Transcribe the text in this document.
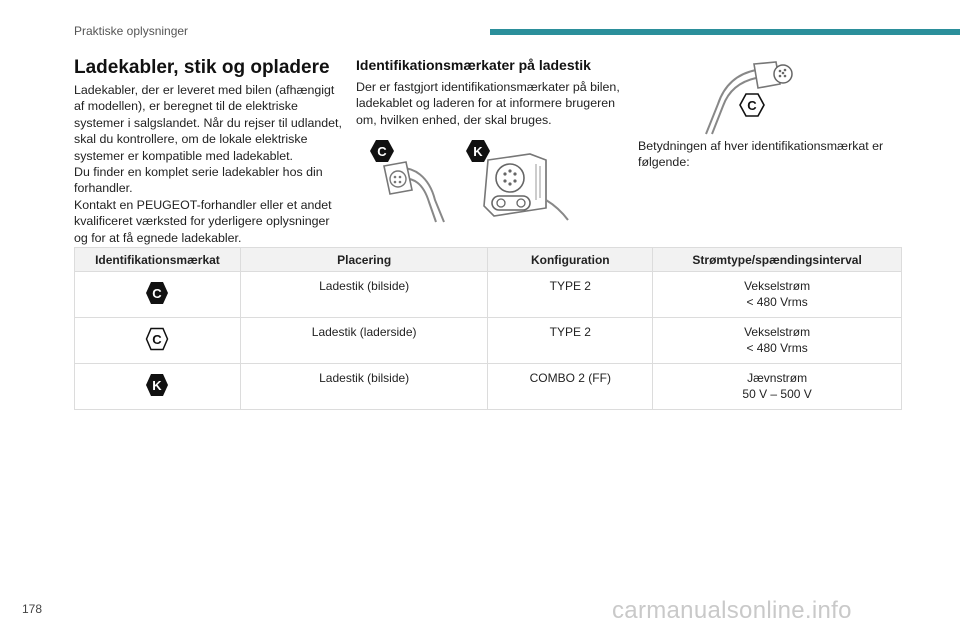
Praktiske oplysninger
Ladekabler, stik og opladere

Ladekabler, der er leveret med bilen (afhængigt af modellen), er beregnet til de elektriske systemer i salgslandet. Når du rejser til udlandet, skal du kontrollere, om de lokale elektriske systemer er kompatible med ladekablet.
Du finder en komplet serie ladekabler hos din forhandler.
Kontakt en PEUGEOT-forhandler eller et andet kvalificeret værksted for yderligere oplysninger og for at få egnede ladekabler.

Identifikationsmærkater på ladestik

Der er fastgjort identifikationsmærkater på bilen, ladekablet og laderen for at informere brugeren om, hvilken enhed, der skal bruges.

C	K
C

Betydningen af hver identifikationsmærkat er følgende:

Identifikationsmærkat	Placering	Konfiguration	Strømtype/spændingsinterval

C	Ladestik (bilside)	TYPE 2	Vekselstrøm
< 480 Vrms

C	Ladestik (laderside)	TYPE 2	Vekselstrøm
< 480 Vrms

K	Ladestik (bilside)	COMBO 2 (FF)	Jævnstrøm
50 V – 500 V
178	carmanualsonline.info
